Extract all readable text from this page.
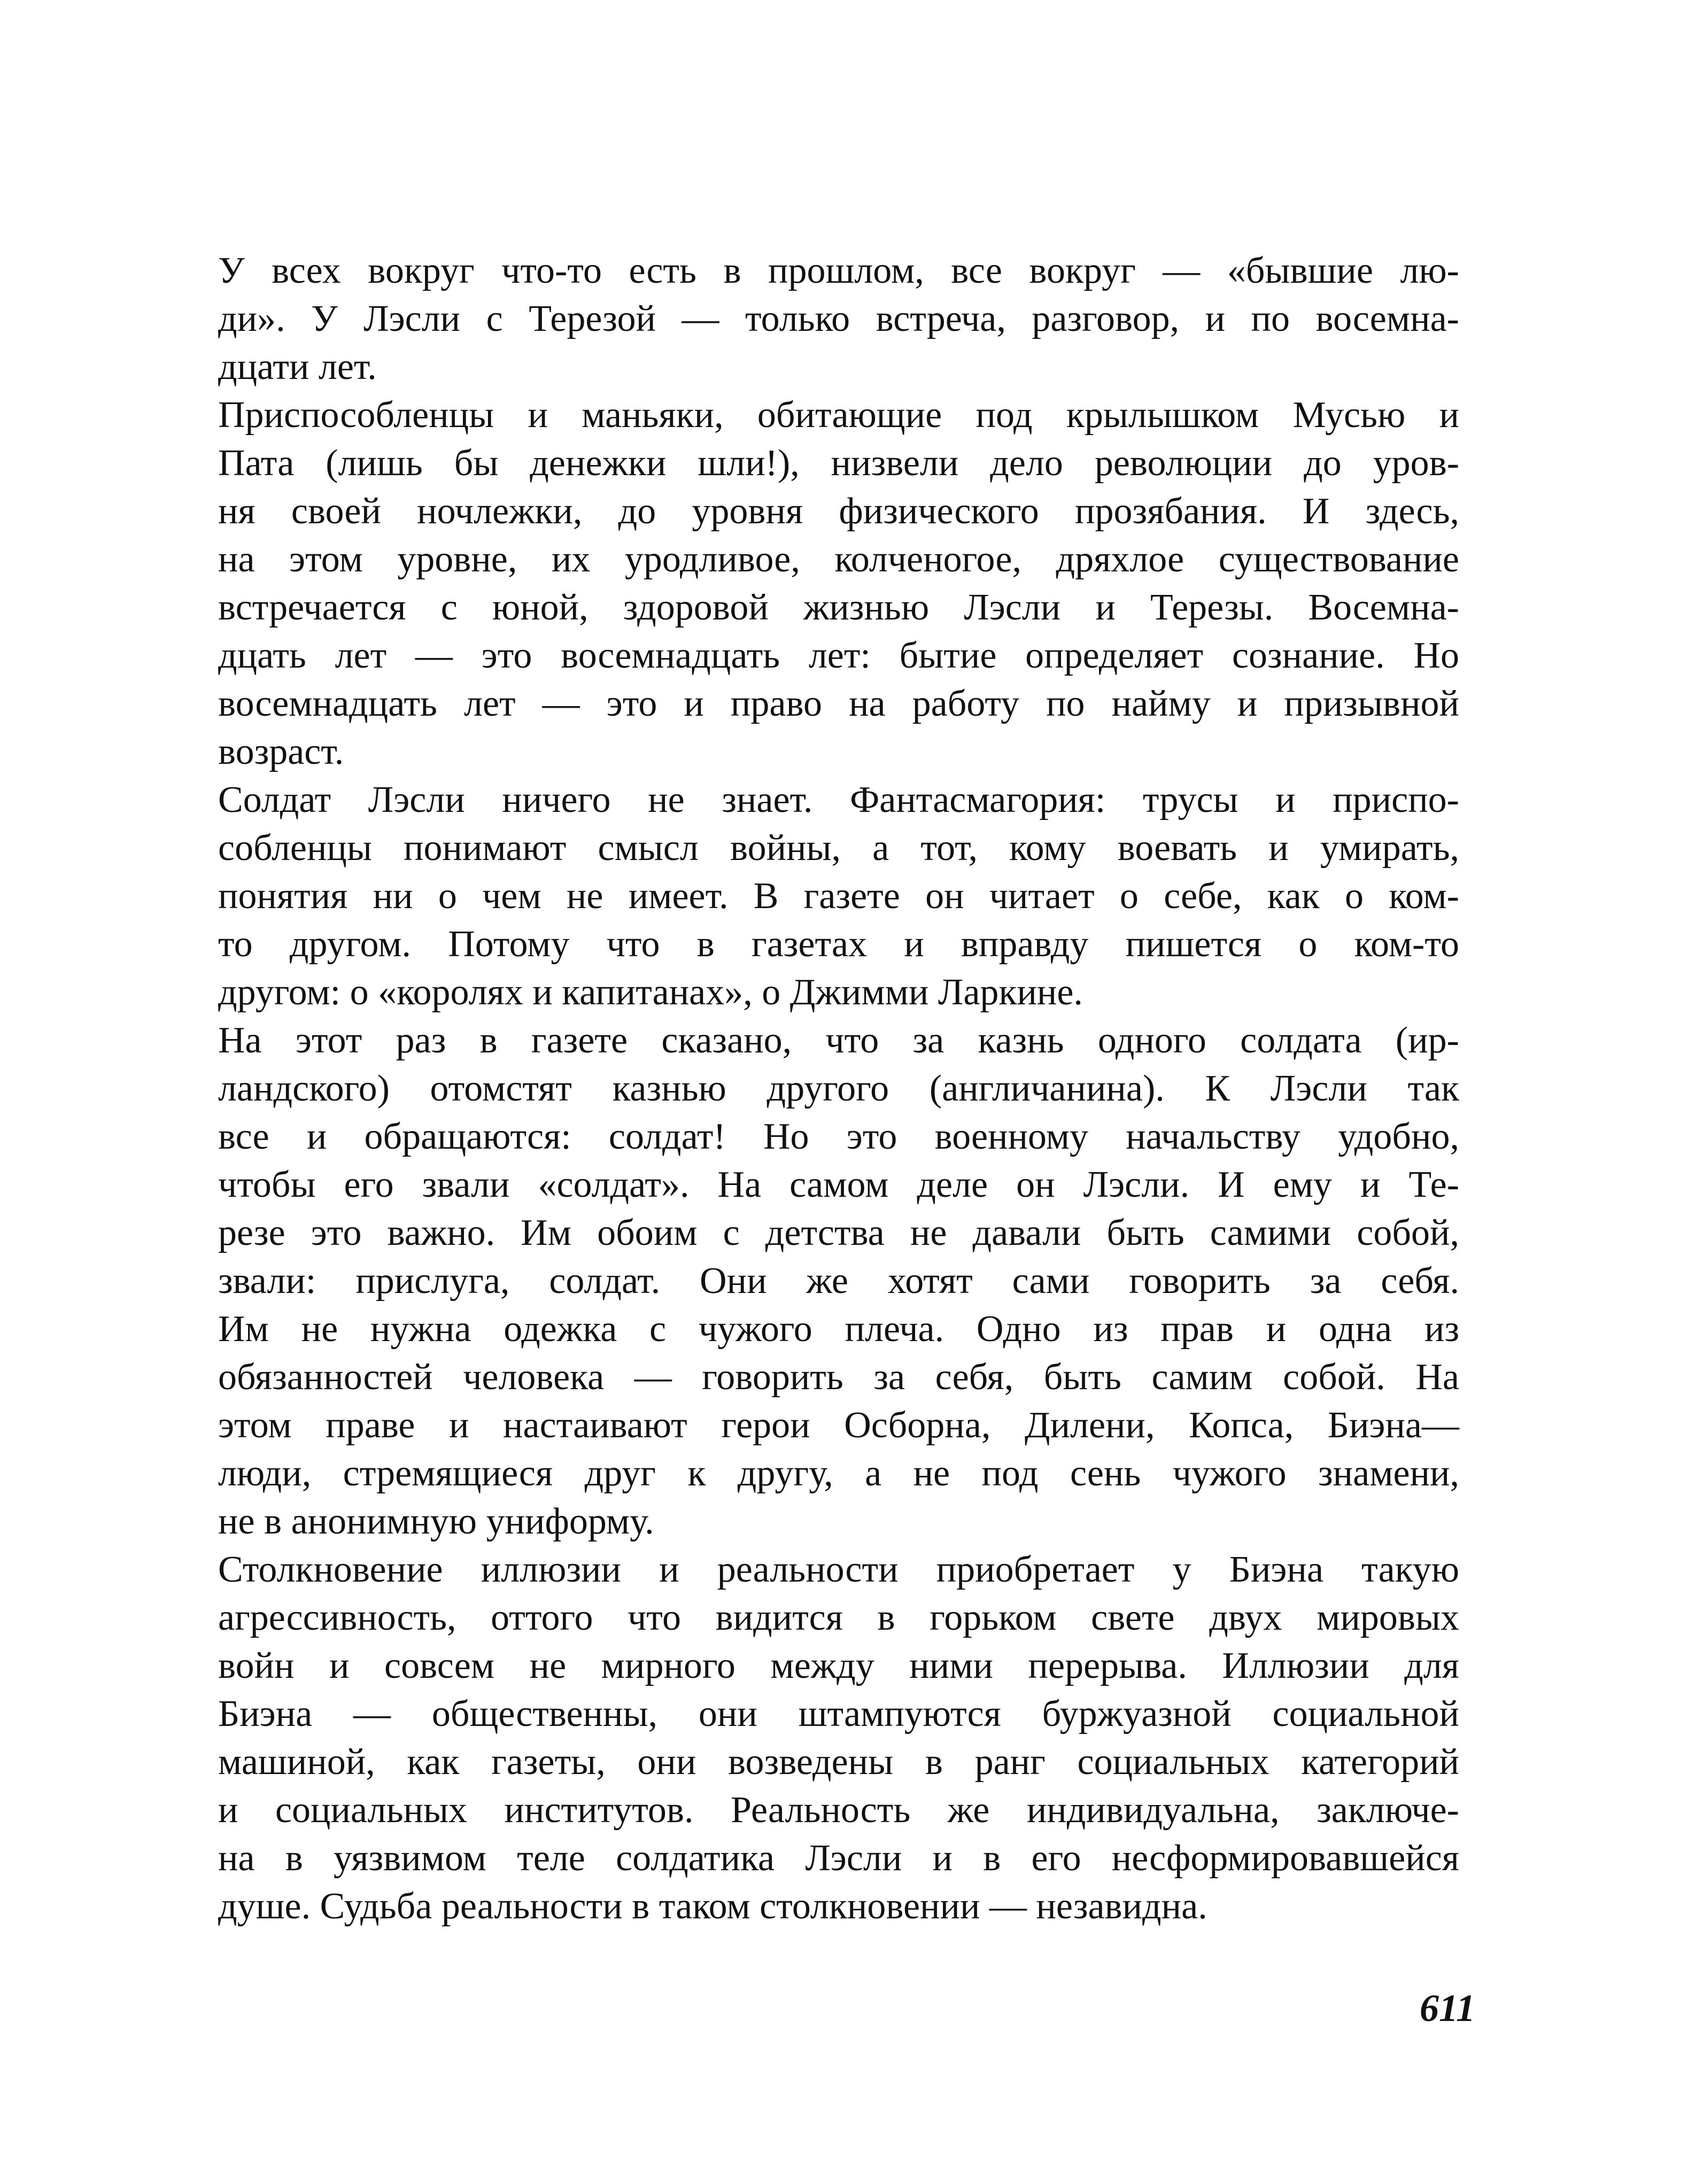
У всех вокруг что-то есть в прошлом, все вокруг — «бывшие лю-
ди». У Лэсли с Терезой — только встреча, разговор, и по восемна-
дцати лет.
Приспособленцы и маньяки, обитающие под крылышком Мусью и
Пата (лишь бы денежки шли!), низвели дело революции до уров-
ня своей ночлежки, до уровня физического прозябания. И здесь,
на этом уровне, их уродливое, колченогое, дряхлое существование
встречается с юной, здоровой жизнью Лэсли и Терезы. Восемна-
дцать лет — это восемнадцать лет: бытие определяет сознание. Но
восемнадцать лет — это и право на работу по найму и призывной
возраст.
Солдат Лэсли ничего не знает. Фантасмагория: трусы и приспо-
собленцы понимают смысл войны, а тот, кому воевать и умирать,
понятия ни о чем не имеет. В газете он читает о себе, как о ком-
то другом. Потому что в газетах и вправду пишется о ком-то
другом: о «королях и капитанах», о Джимми Ларкине.
На этот раз в газете сказано, что за казнь одного солдата (ир-
ландского) отомстят казнью другого (англичанина). К Лэсли так
все и обращаются: солдат! Но это военному начальству удобно,
чтобы его звали «солдат». На самом деле он Лэсли. И ему и Те-
резе это важно. Им обоим с детства не давали быть самими собой,
звали: прислуга, солдат. Они же хотят сами говорить за себя.
Им не нужна одежка с чужого плеча. Одно из прав и одна из
обязанностей человека — говорить за себя, быть самим собой. На
этом праве и настаивают герои Осборна, Дилени, Копса, Биэна—
люди, стремящиеся друг к другу, а не под сень чужого знамени,
не в анонимную униформу.
Столкновение иллюзии и реальности приобретает у Биэна такую
агрессивность, оттого что видится в горьком свете двух мировых
войн и совсем не мирного между ними перерыва. Иллюзии для
Биэна — общественны, они штампуются буржуазной социальной
машиной, как газеты, они возведены в ранг социальных категорий
и социальных институтов. Реальность же индивидуальна, заключе-
на в уязвимом теле солдатика Лэсли и в его несформировавшейся
душе. Судьба реальности в таком столкновении — незавидна.
611
